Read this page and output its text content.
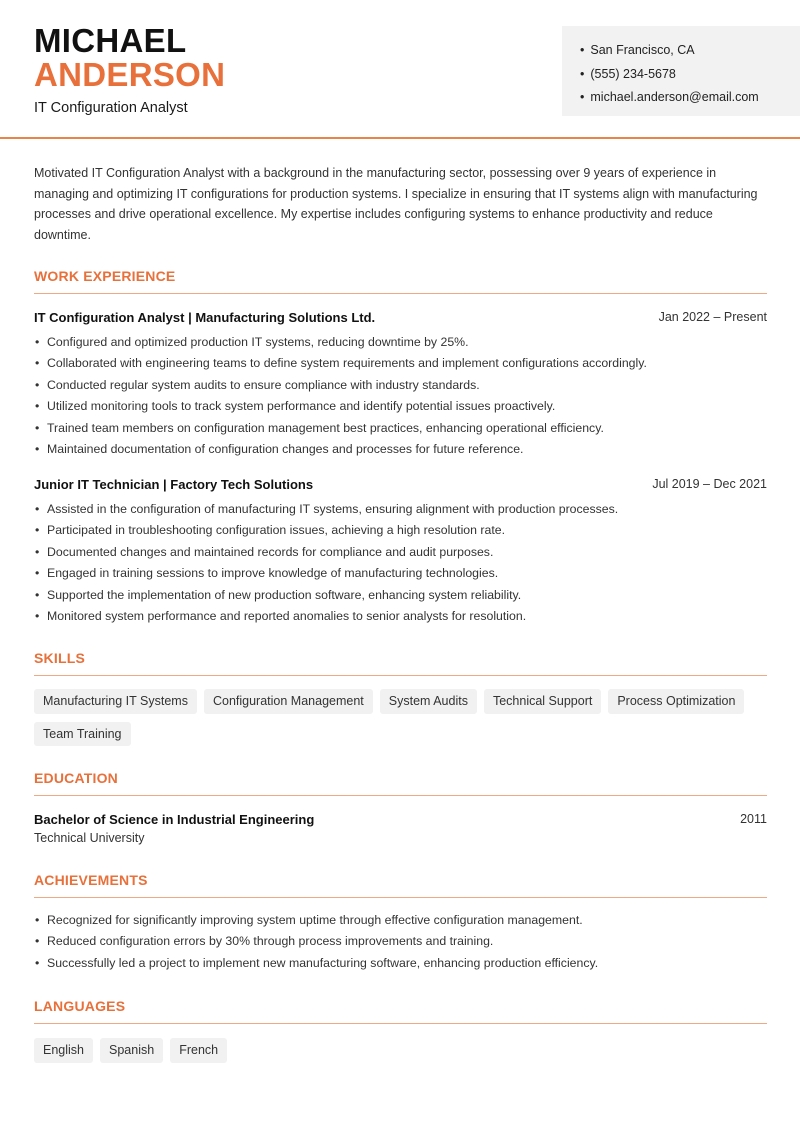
MICHAEL
ANDERSON
IT Configuration Analyst
• San Francisco, CA
• (555) 234-5678
• michael.anderson@email.com

Motivated IT Configuration Analyst with a background in the manufacturing sector, possessing over 9 years of experience in managing and optimizing IT configurations for production systems. I specialize in ensuring that IT systems align with manufacturing processes and drive operational excellence. My expertise includes configuring systems to enhance productivity and reduce downtime.

WORK EXPERIENCE
IT Configuration Analyst | Manufacturing Solutions Ltd.	Jan 2022 – Present
• Configured and optimized production IT systems, reducing downtime by 25%.
• Collaborated with engineering teams to define system requirements and implement configurations accordingly.
• Conducted regular system audits to ensure compliance with industry standards.
• Utilized monitoring tools to track system performance and identify potential issues proactively.
• Trained team members on configuration management best practices, enhancing operational efficiency.
• Maintained documentation of configuration changes and processes for future reference.
Junior IT Technician | Factory Tech Solutions	Jul 2019 – Dec 2021
• Assisted in the configuration of manufacturing IT systems, ensuring alignment with production processes.
• Participated in troubleshooting configuration issues, achieving a high resolution rate.
• Documented changes and maintained records for compliance and audit purposes.
• Engaged in training sessions to improve knowledge of manufacturing technologies.
• Supported the implementation of new production software, enhancing system reliability.
• Monitored system performance and reported anomalies to senior analysts for resolution.
SKILLS
Manufacturing IT Systems	Configuration Management	System Audits	Technical Support	Process Optimization
Team Training
EDUCATION
Bachelor of Science in Industrial Engineering	2011
Technical University
ACHIEVEMENTS
• Recognized for significantly improving system uptime through effective configuration management.
• Reduced configuration errors by 30% through process improvements and training.
• Successfully led a project to implement new manufacturing software, enhancing production efficiency.
LANGUAGES
English	Spanish	French
